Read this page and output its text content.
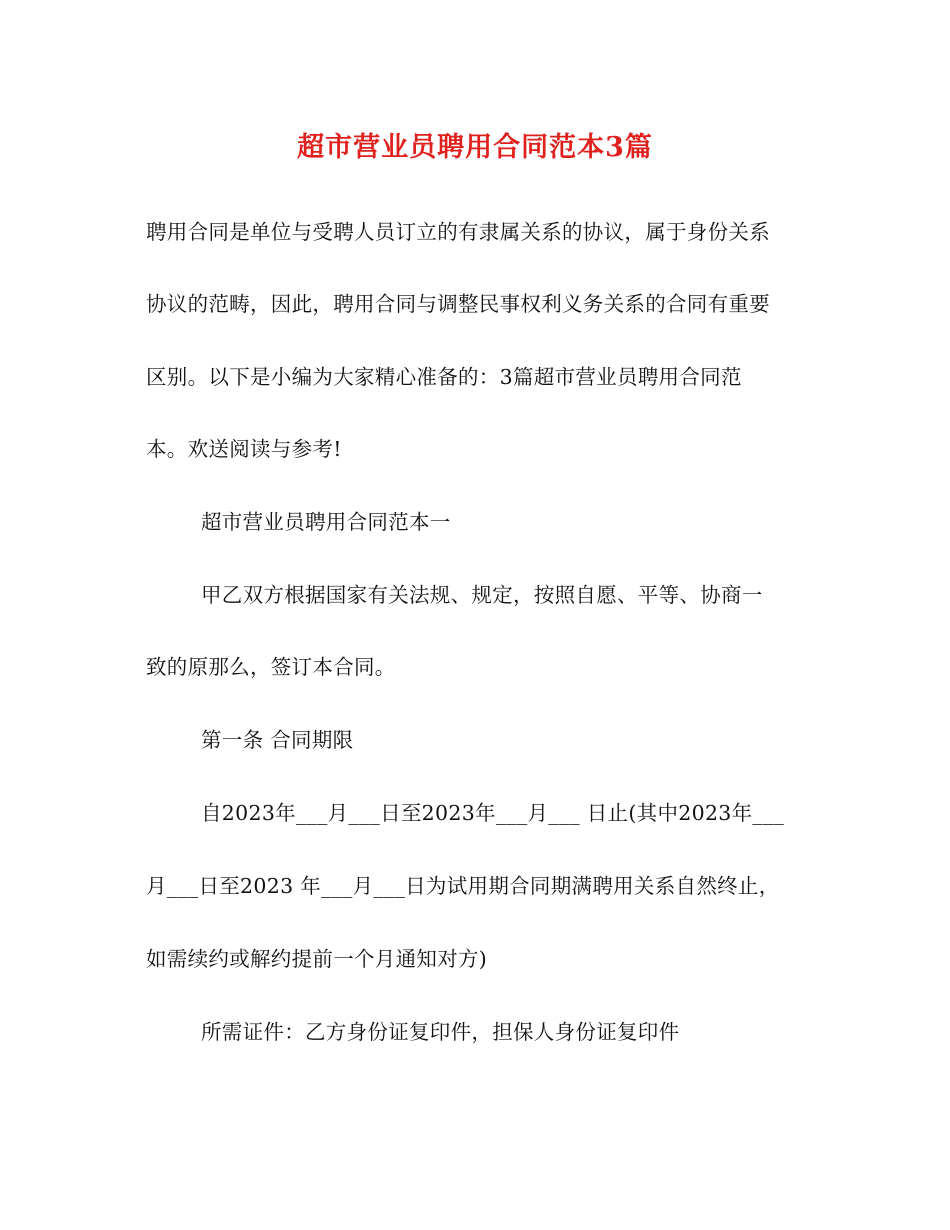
超市营业员聘用合同范本3篇
聘用合同是单位与受聘人员订立的有隶属关系的协议，属于身份关系
协议的范畴，因此，聘用合同与调整民事权利义务关系的合同有重要
区别。以下是小编为大家精心准备的：3篇超市营业员聘用合同范
本。欢送阅读与参考!
超市营业员聘用合同范本一
甲乙双方根据国家有关法规、规定，按照自愿、平等、协商一
致的原那么，签订本合同。
第一条 合同期限
自2023年___月___日至2023年___月___ 日止(其中2023年___
月___日至2023 年___月___日为试用期合同期满聘用关系自然终止，
如需续约或解约提前一个月通知对方)
所需证件：乙方身份证复印件，担保人身份证复印件
